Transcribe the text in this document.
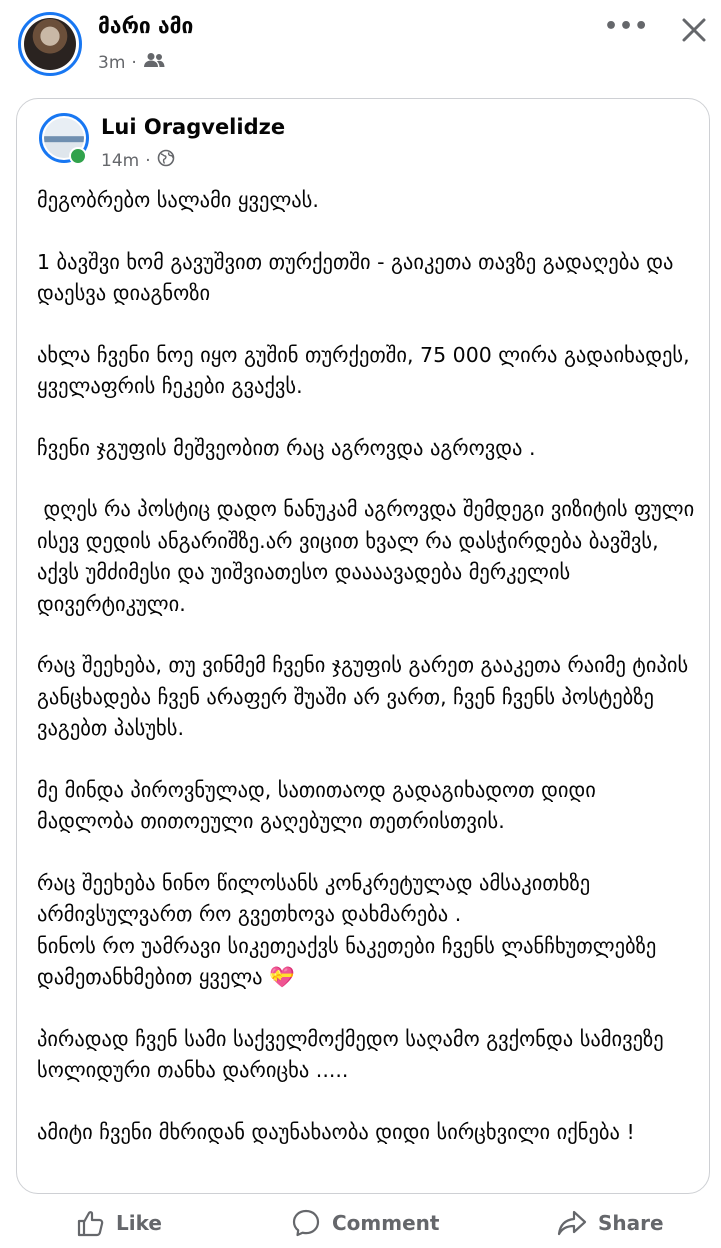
მარი ამი
3m ·
•••
Lui Oragvelidze
14m ·

მეგობრებო სალამი ყველას.

1 ბავშვი ხომ გავუშვით თურქეთში - გაიკეთა თავზე გადაღება და დაესვა დიაგნოზი

ახლა ჩვენი ნოე იყო გუშინ თურქეთში, 75 000 ლირა გადაიხადეს, ყველაფრის ჩეკები გვაქვს.

ჩვენი ჯგუფის მეშვეობით რაც აგროვდა აგროვდა .

დღეს რა პოსტიც დადო ნანუკამ აგროვდა შემდეგი ვიზიტის ფული ისევ დედის ანგარიშზე.არ ვიცით ხვალ რა დასჭირდება ბავშვს, აქვს უმძიმესი და უიშვიათესო დაააავადება მერკელის დივერტიკული.

რაც შეეხება, თუ ვინმემ ჩვენი ჯგუფის გარეთ გააკეთა რაიმე ტიპის განცხადება ჩვენ არაფერ შუაში არ ვართ, ჩვენ ჩვენს პოსტებზე ვაგებთ პასუხს.

მე მინდა პიროვნულად, სათითაოდ გადაგიხადოთ დიდი მადლობა თითოეული გაღებული თეთრისთვის.

რაც შეეხება ნინო წილოსანს კონკრეტულად ამსაკითხზე არმივსულვართ რო გვეთხოვა დახმარება .
ნინოს რო უამრავი სიკეთეაქვს ნაკეთები ჩვენს ლანჩხუთლებზე დამეთანხმებით ყველა 💝

პირადად ჩვენ სამი საქველმოქმედო საღამო გვქონდა სამივეზე სოლიდური თანხა დარიცხა .....

ამიტი ჩვენი მხრიდან დაუნახაობა დიდი სირცხვილი იქნება !

Like	Comment	Share
